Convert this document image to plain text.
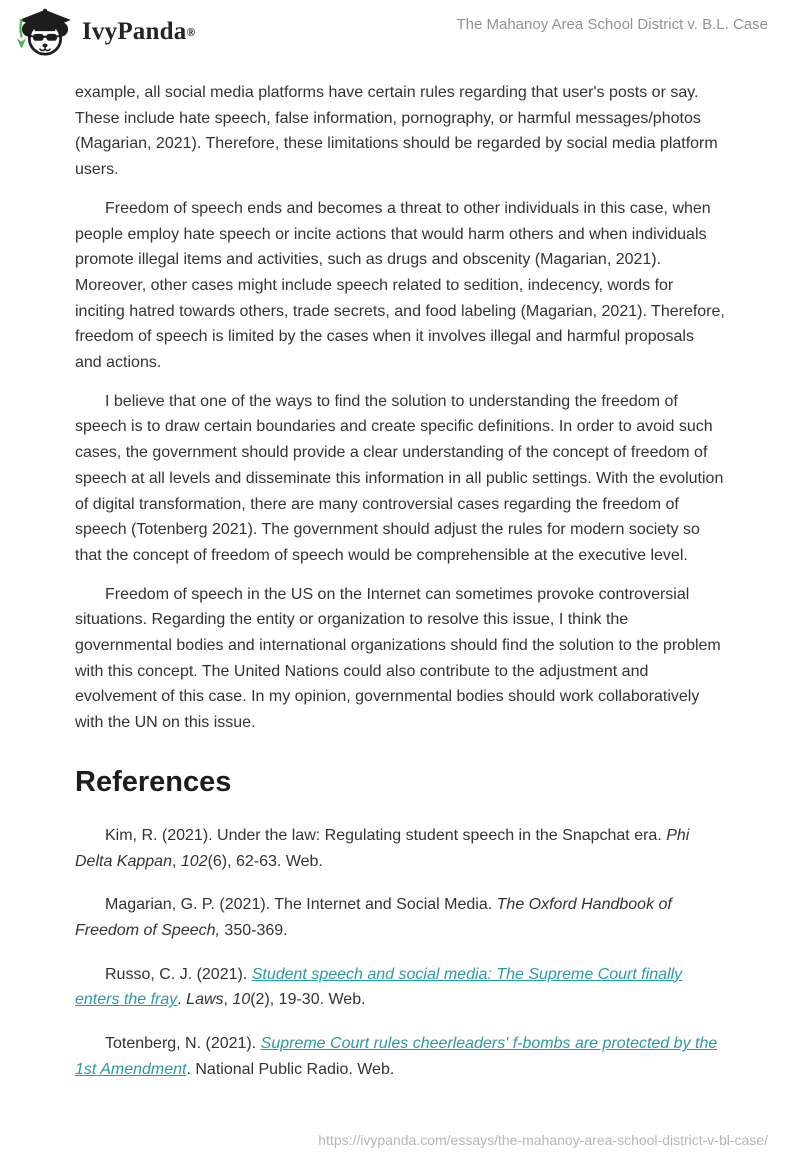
IvyPanda ®	The Mahanoy Area School District v. B.L. Case

example, all social media platforms have certain rules regarding that user's posts or say. These include hate speech, false information, pornography, or harmful messages/photos (Magarian, 2021). Therefore, these limitations should be regarded by social media platform users.

Freedom of speech ends and becomes a threat to other individuals in this case, when people employ hate speech or incite actions that would harm others and when individuals promote illegal items and activities, such as drugs and obscenity (Magarian, 2021). Moreover, other cases might include speech related to sedition, indecency, words for inciting hatred towards others, trade secrets, and food labeling (Magarian, 2021). Therefore, freedom of speech is limited by the cases when it involves illegal and harmful proposals and actions.

I believe that one of the ways to find the solution to understanding the freedom of speech is to draw certain boundaries and create specific definitions. In order to avoid such cases, the government should provide a clear understanding of the concept of freedom of speech at all levels and disseminate this information in all public settings. With the evolution of digital transformation, there are many controversial cases regarding the freedom of speech (Totenberg 2021). The government should adjust the rules for modern society so that the concept of freedom of speech would be comprehensible at the executive level.

Freedom of speech in the US on the Internet can sometimes provoke controversial situations. Regarding the entity or organization to resolve this issue, I think the governmental bodies and international organizations should find the solution to the problem with this concept. The United Nations could also contribute to the adjustment and evolvement of this case. In my opinion, governmental bodies should work collaboratively with the UN on this issue.

References

Kim, R. (2021). Under the law: Regulating student speech in the Snapchat era. Phi Delta Kappan, 102(6), 62-63. Web.

Magarian, G. P. (2021). The Internet and Social Media. The Oxford Handbook of Freedom of Speech, 350-369.

Russo, C. J. (2021). Student speech and social media: The Supreme Court finally enters the fray. Laws, 10(2), 19-30. Web.

Totenberg, N. (2021). Supreme Court rules cheerleaders' f-bombs are protected by the 1st Amendment. National Public Radio. Web.

https://ivypanda.com/essays/the-mahanoy-area-school-district-v-bl-case/
